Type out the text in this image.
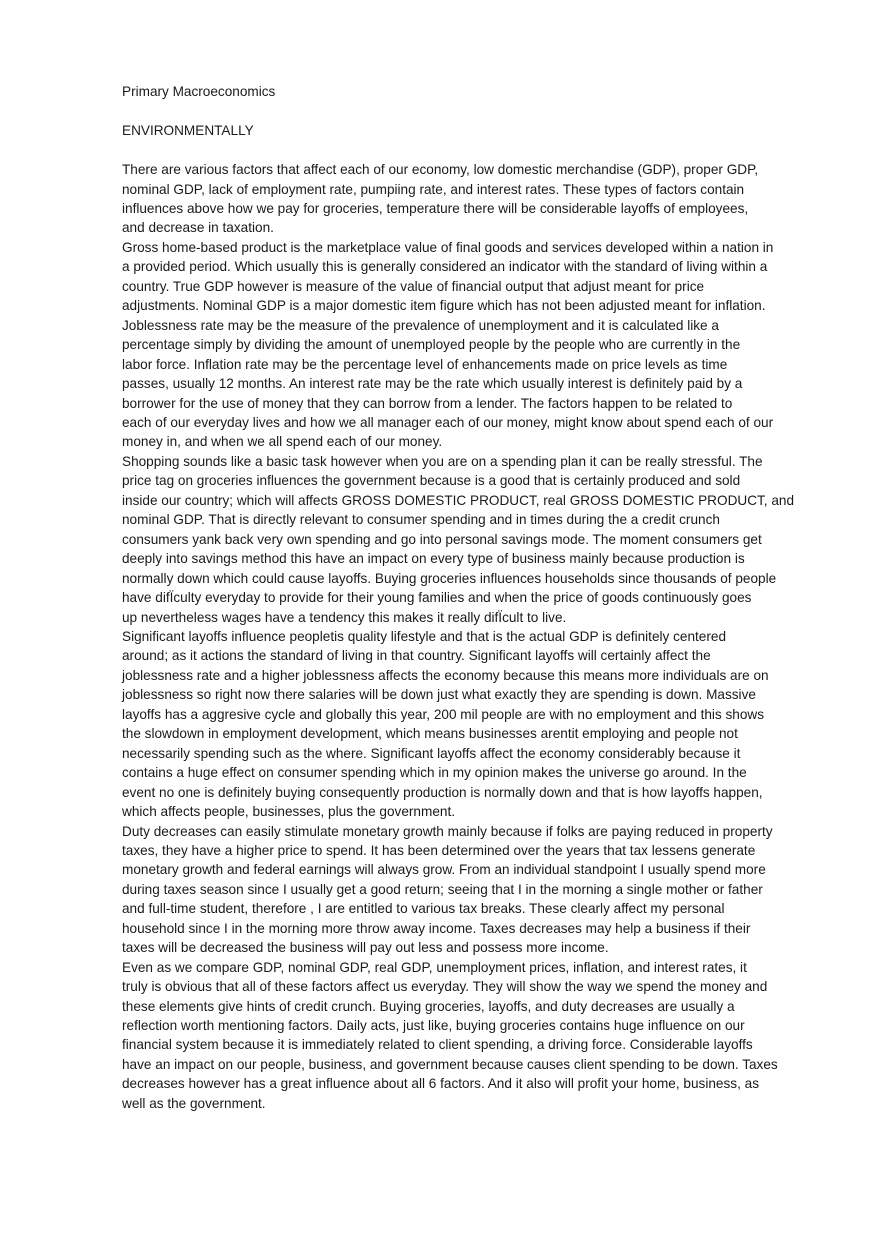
Primary Macroeconomics

ENVIRONMENTALLY

There are various factors that affect each of our economy, low domestic merchandise (GDP), proper GDP,

nominal GDP, lack of employment rate, pumpiing rate, and interest rates. These types of factors contain

influences above how we pay for groceries, temperature there will be considerable layoffs of employees,

and decrease in taxation.

Gross home-based product is the marketplace value of final goods and services developed within a nation in

a provided period. Which usually this is generally considered an indicator with the standard of living within a

country. True GDP however is measure of the value of financial output that adjust meant for price

adjustments. Nominal GDP is a major domestic item figure which has not been adjusted meant for inflation.

Joblessness rate may be the measure of the prevalence of unemployment and it is calculated like a

percentage simply by dividing the amount of unemployed people by the people who are currently in the

labor force. Inflation rate may be the percentage level of enhancements made on price levels as time

passes, usually 12 months. An interest rate may be the rate which usually interest is definitely paid by a

borrower for the use of money that they can borrow from a lender. The factors happen to be related to

each of our everyday lives and how we all manager each of our money, might know about spend each of our

money in, and when we all spend each of our money.

Shopping sounds like a basic task however when you are on a spending plan it can be really stressful. The

price tag on groceries influences the government because is a good that is certainly produced and sold

inside our country; which will affects GROSS DOMESTIC PRODUCT, real GROSS DOMESTIC PRODUCT, and

nominal GDP. That is directly relevant to consumer spending and in times during the a credit crunch

consumers yank back very own spending and go into personal savings mode. The moment consumers get

deeply into savings method this have an impact on every type of business mainly because production is

normally down which could cause layoffs. Buying groceries influences households since thousands of people

have difÏculty everyday to provide for their young families and when the price of goods continuously goes

up nevertheless wages have a tendency this makes it really difÏcult to live.

Significant layoffs influence peopletis quality lifestyle and that is the actual GDP is definitely centered

around; as it actions the standard of living in that country. Significant layoffs will certainly affect the

joblessness rate and a higher joblessness affects the economy because this means more individuals are on

joblessness so right now there salaries will be down just what exactly they are spending is down. Massive

layoffs has a aggresive cycle and globally this year, 200 mil people are with no employment and this shows

the slowdown in employment development, which means businesses arentit employing and people not

necessarily spending such as the where. Significant layoffs affect the economy considerably because it

contains a huge effect on consumer spending which in my opinion makes the universe go around. In the

event no one is definitely buying consequently production is normally down and that is how layoffs happen,

which affects people, businesses, plus the government.

Duty decreases can easily stimulate monetary growth mainly because if folks are paying reduced in property

taxes, they have a higher price to spend. It has been determined over the years that tax lessens generate

monetary growth and federal earnings will always grow. From an individual standpoint I usually spend more

during taxes season since I usually get a good return; seeing that I in the morning a single mother or father

and full-time student, therefore , I are entitled to various tax breaks. These clearly affect my personal

household since I in the morning more throw away income. Taxes decreases may help a business if their

taxes will be decreased the business will pay out less and possess more income.

Even as we compare GDP, nominal GDP, real GDP, unemployment prices, inflation, and interest rates, it

truly is obvious that all of these factors affect us everyday. They will show the way we spend the money and

these elements give hints of credit crunch. Buying groceries, layoffs, and duty decreases are usually a

reflection worth mentioning factors. Daily acts, just like, buying groceries contains huge influence on our

financial system because it is immediately related to client spending, a driving force. Considerable layoffs

have an impact on our people, business, and government because causes client spending to be down. Taxes

decreases however has a great influence about all 6 factors. And it also will profit your home, business, as

well as the government.
